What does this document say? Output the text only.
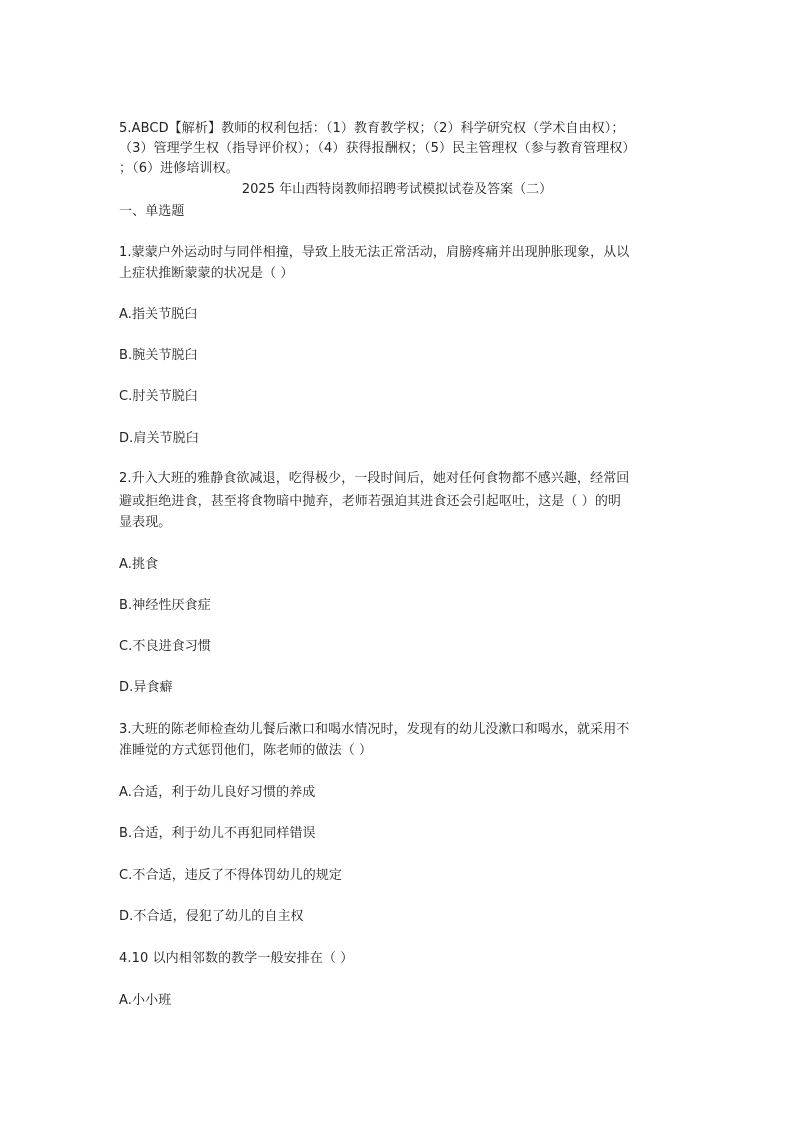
5.ABCD【解析】教师的权利包括：（1）教育教学权；（2）科学研究权（学术自由权）；
（3）管理学生权（指导评价权）；（4）获得报酬权；（5）民主管理权（参与教育管理权）
；（6）进修培训权。
2025 年山西特岗教师招聘考试模拟试卷及答案（二）
一、单选题
1.蒙蒙户外运动时与同伴相撞，导致上肢无法正常活动，肩膀疼痛并出现肿胀现象，从以
上症状推断蒙蒙的状况是（ ）
A.指关节脱臼
B.腕关节脱臼
C.肘关节脱臼
D.肩关节脱臼
2.升入大班的雅静食欲减退，吃得极少，一段时间后，她对任何食物都不感兴趣，经常回
避或拒绝进食，甚至将食物暗中抛弃，老师若强迫其进食还会引起呕吐，这是（ ）的明
显表现。
A.挑食
B.神经性厌食症
C.不良进食习惯
D.异食癖
3.大班的陈老师检查幼儿餐后漱口和喝水情况时，发现有的幼儿没漱口和喝水，就采用不
准睡觉的方式惩罚他们，陈老师的做法（ ）
A.合适，利于幼儿良好习惯的养成
B.合适，利于幼儿不再犯同样错误
C.不合适，违反了不得体罚幼儿的规定
D.不合适，侵犯了幼儿的自主权
4.10 以内相邻数的教学一般安排在（ ）
A.小小班
